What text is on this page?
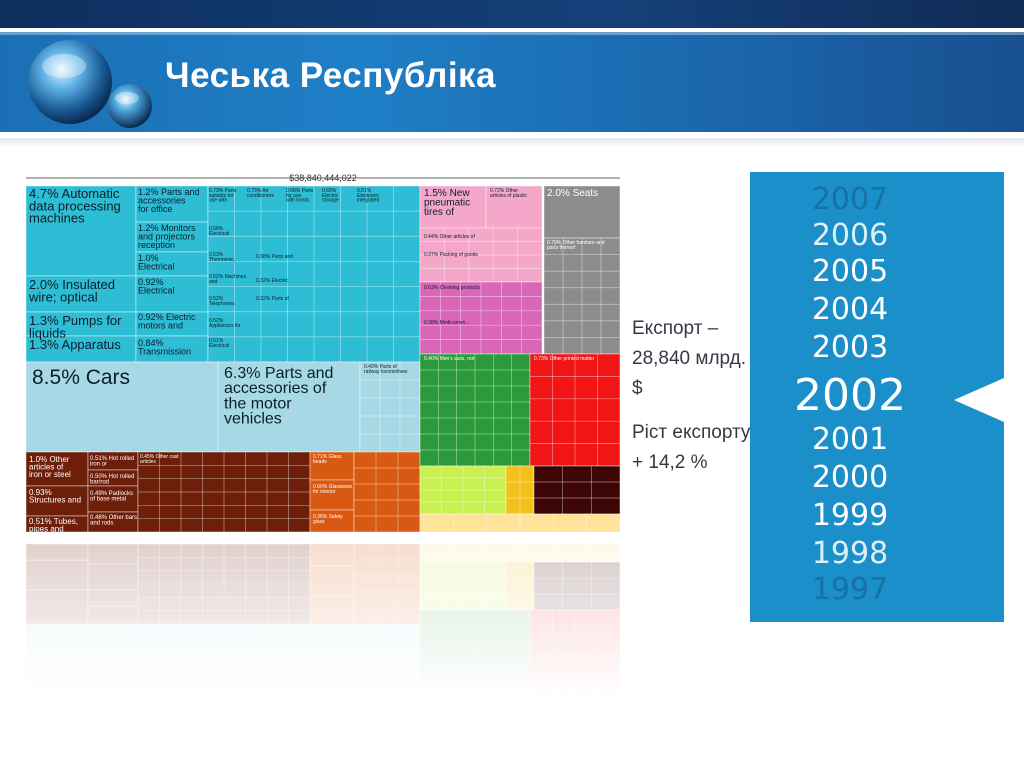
Чеська Республіка
$38,840,444,022
4.7% Automatic data processing machines
1.2% Parts and accessories for office
1.2% Monitors and projectors reception
1.0% Electrical
2.0% Insulated wire; optical
0.92% Electrical
1.3% Pumps for liquids
0.92% Electric motors and
1.3% Apparatus 0.84% Transmission
0.73% Parts suitable for use with
0.73% Air conditioners
0.68% Parts for use with hoists
0.65% Electric storage
0.61% Electronic integrated
0.58% Electrical
0.53% Thermionic,	0.38% Parts and
0.52% Machines and	0.32% Electric
0.52% Telephones
0.32% Parts of
0.52% Appliances for
0.51% Electrical
8.5% Cars	6.3% Parts and accessories of the motor vehicles
0.49% Parts of railway locomotives
1.5% New pneumatic tires of
0.72% Other articles of plastic
0.44% Other articles of
0.37% Packing of goods
0.63% Cleaning products
0.38% Medicamen...
2.0% Seats
0.79% Other furniture and parts thereof
0.40% Men's suits, not	0.73% Other printed matter
1.0% Other articles of iron or steel
0.51% Hot rolled iron or
0.50% Hot rolled bar/rod
0.45% Other cast articles
0.93% Structures and
0.49% Padlocks of base metal
0.51% Tubes, pipes and
0.48% Other bars and rods
0.71% Glass beads
0.60% Glassware for interior
0.36% Safety glass
Експорт –
28,840 млрд.
$
Ріст експорту
+ 14,2 %
2007
2006
2005
2004
2003
2002
2001
2000
1999
1998
1997
